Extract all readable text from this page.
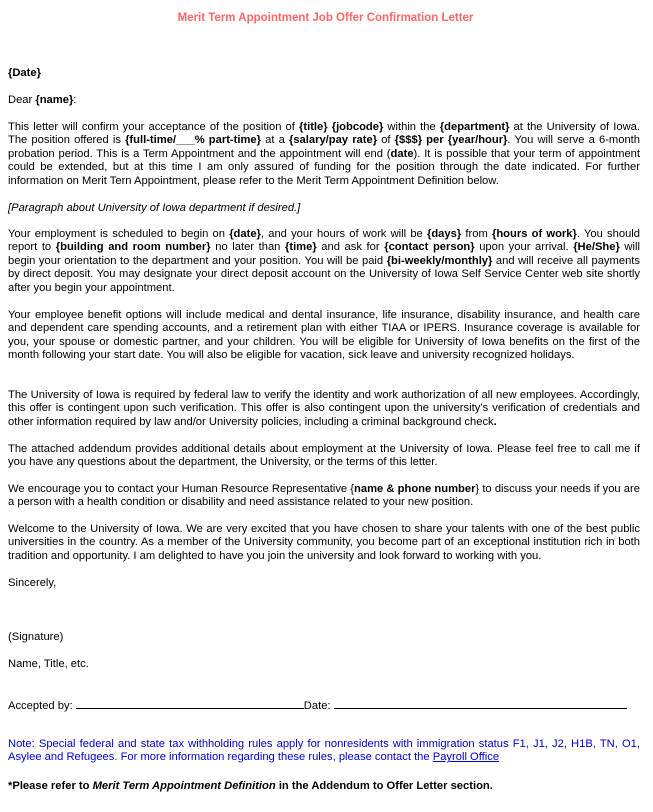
Merit Term Appointment Job Offer Confirmation Letter
{Date}
Dear {name}:
This letter will confirm your acceptance of the position of {title} {jobcode} within the {department} at the University of Iowa. The position offered is {full-time/___% part-time} at a {salary/pay rate} of {$$$} per {year/hour}. You will serve a 6-month probation period. This is a Term Appointment and the appointment will end (date). It is possible that your term of appointment could be extended, but at this time I am only assured of funding for the position through the date indicated. For further information on Merit Tern Appointment, please refer to the Merit Term Appointment Definition below.
[Paragraph about University of Iowa department if desired.]
Your employment is scheduled to begin on {date}, and your hours of work will be {days} from {hours of work}. You should report to {building and room number} no later than {time} and ask for {contact person} upon your arrival. {He/She} will begin your orientation to the department and your position. You will be paid {bi-weekly/monthly} and will receive all payments by direct deposit. You may designate your direct deposit account on the University of Iowa Self Service Center web site shortly after you begin your appointment.
Your employee benefit options will include medical and dental insurance, life insurance, disability insurance, and health care and dependent care spending accounts, and a retirement plan with either TIAA or IPERS. Insurance coverage is available for you, your spouse or domestic partner, and your children. You will be eligible for University of Iowa benefits on the first of the month following your start date. You will also be eligible for vacation, sick leave and university recognized holidays.
The University of Iowa is required by federal law to verify the identity and work authorization of all new employees. Accordingly, this offer is contingent upon such verification. This offer is also contingent upon the university’s verification of credentials and other information required by law and/or University policies, including a criminal background check.
The attached addendum provides additional details about employment at the University of Iowa. Please feel free to call me if you have any questions about the department, the University, or the terms of this letter.
We encourage you to contact your Human Resource Representative {name & phone number} to discuss your needs if you are a person with a health condition or disability and need assistance related to your new position.
Welcome to the University of Iowa. We are very excited that you have chosen to share your talents with one of the best public universities in the country. As a member of the University community, you become part of an exceptional institution rich in both tradition and opportunity. I am delighted to have you join the university and look forward to working with you.
Sincerely,
(Signature)
Name, Title, etc.
Accepted by:	Date:
Note: Special federal and state tax withholding rules apply for nonresidents with immigration status F1, J1, J2, H1B, TN, O1, Asylee and Refugees. For more information regarding these rules, please contact the Payroll Office
*Please refer to Merit Term Appointment Definition in the Addendum to Offer Letter section.
